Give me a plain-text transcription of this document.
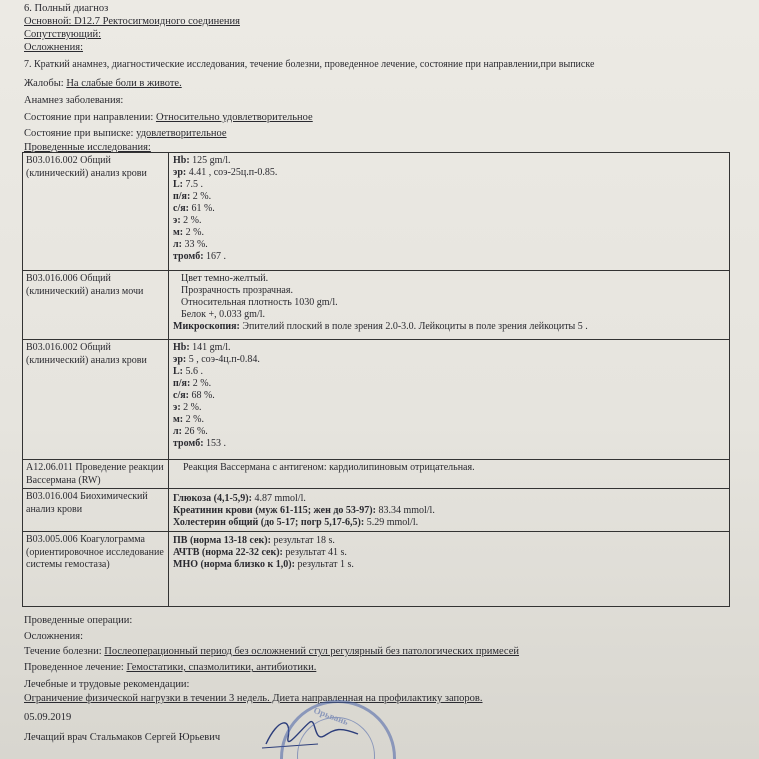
6. Полный диагноз
Основной: D12.7 Ректосигмоидного соединения
Сопутствующий:
Осложнения:
7. Краткий анамнез, диагностические исследования, течение болезни, проведенное лечение, состояние при направлении,при выписке
Жалобы: На слабые боли в животе.
Анамнез заболевания:
Состояние при направлении: Относительно удовлетворительное
Состояние при выписке: удовлетворительное
Проведенные исследования:
B03.016.002 Общий (клинический) анализ крови
Hb: 125 gm/l.
эр: 4.41 , соэ-25ц.п-0.85.
L: 7.5 .
п/я: 2 %.
с/я: 61 %.
э: 2 %.
м: 2 %.
л: 33 %.
тромб: 167 .
B03.016.006 Общий (клинический) анализ мочи
Цвет темно-желтый.
Прозрачность прозрачная.
Относительная плотность 1030 gm/l.
Белок +, 0.033 gm/l.
Микроскопия: Эпителий плоский в поле зрения 2.0-3.0. Лейкоциты в поле зрения лейкоциты 5 .
B03.016.002 Общий (клинический) анализ крови
Hb: 141 gm/l.
эр: 5 , соэ-4ц.п-0.84.
L: 5.6 .
п/я: 2 %.
с/я: 68 %.
э: 2 %.
м: 2 %.
л: 26 %.
тромб: 153 .
A12.06.011 Проведение реакции Вассермана (RW)
Реакция Вассермана с антигеном: кардиолипиновым отрицательная.
B03.016.004 Биохимический анализ крови
Глюкоза (4,1-5,9): 4.87 mmol/l.
Креатинин крови (муж 61-115; жен до 53-97): 83.34 mmol/l.
Холестерин общий (до 5-17; погр 5,17-6,5): 5.29 mmol/l.
B03.005.006 Коагулограмма (ориентировочное исследование системы гемостаза)
ПВ (норма 13-18 сек): результат 18 s.
АЧТВ (норма 22-32 сек): результат 41 s.
МНО (норма близко к 1,0): результат 1 s.
Проведенные операции:
Осложнения:
Течение болезни: Послеоперационный период без осложнений стул регулярный без патологических примесей
Проведенное лечение: Гемостатики, спазмолитики, антибиотики.
Лечебные и трудовые рекомендации:
Ограничение физической нагрузки в течении 3 недель. Диета направленная на профилактику запоров.
05.09.2019
Лечащий врач Стальмаков Сергей Юрьевич
Орьвань
